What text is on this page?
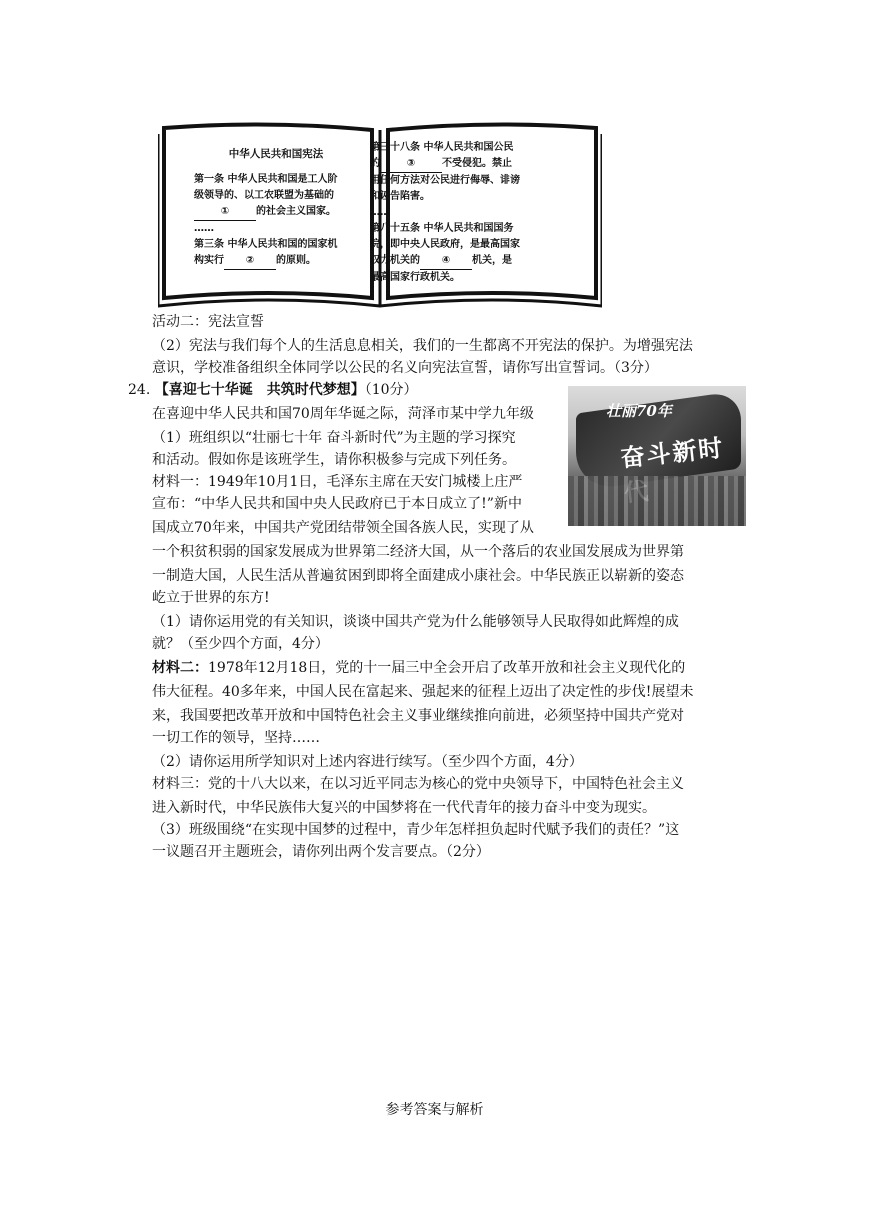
中华人民共和国宪法

第一条 中华人民共和国是工人阶

级领导的、以工农联盟为基础的

①	的社会主义国家。

……

第三条 中华人民共和国的国家机

构实行 ② 的原则。

第三十八条 中华人民共和国公民

的	③	不受侵犯。禁止

用任何方法对公民进行侮辱、诽谤

和诬告陷害。

……

第八十五条 中华人民共和国国务

院，即中央人民政府，是最高国家

权力机关的 ④ 机关，是

最高国家行政机关。

活动二：宪法宣誓
（2）宪法与我们每个人的生活息息相关，我们的一生都离不开宪法的保护。为增强宪法
意识，学校准备组织全体同学以公民的名义向宪法宣誓，请你写出宣誓词。（3分）
24. 【喜迎七十华诞　共筑时代梦想】（10分）
在喜迎中华人民共和国70周年华诞之际，菏泽市某中学九年级
（1）班组织以“壮丽七十年 奋斗新时代”为主题的学习探究
和活动。假如你是该班学生，请你积极参与完成下列任务。
材料一：1949年10月1日，毛泽东主席在天安门城楼上庄严
宣布：“中华人民共和国中央人民政府已于本日成立了!”新中
国成立70年来，中国共产党团结带领全国各族人民，实现了从
一个积贫积弱的国家发展成为世界第二经济大国，从一个落后的农业国发展成为世界第
一制造大国，人民生活从普遍贫困到即将全面建成小康社会。中华民族正以崭新的姿态
屹立于世界的东方!
（1）请你运用党的有关知识，谈谈中国共产党为什么能够领导人民取得如此辉煌的成
就？（至少四个方面，4分）
材料二：1978年12月18日，党的十一届三中全会开启了改革开放和社会主义现代化的
伟大征程。40多年来，中国人民在富起来、强起来的征程上迈出了决定性的步伐!展望未
来，我国要把改革开放和中国特色社会主义事业继续推向前进，必须坚持中国共产党对
一切工作的领导，坚持……
（2）请你运用所学知识对上述内容进行续写。（至少四个方面，4分）
材料三：党的十八大以来，在以习近平同志为核心的党中央领导下，中国特色社会主义
进入新时代，中华民族伟大复兴的中国梦将在一代代青年的接力奋斗中变为现实。
（3）班级围绕“在实现中国梦的过程中，青少年怎样担负起时代赋予我们的责任？”这
一议题召开主题班会，请你列出两个发言要点。（2分）
壮丽70年
奋斗新时代
参考答案与解析
